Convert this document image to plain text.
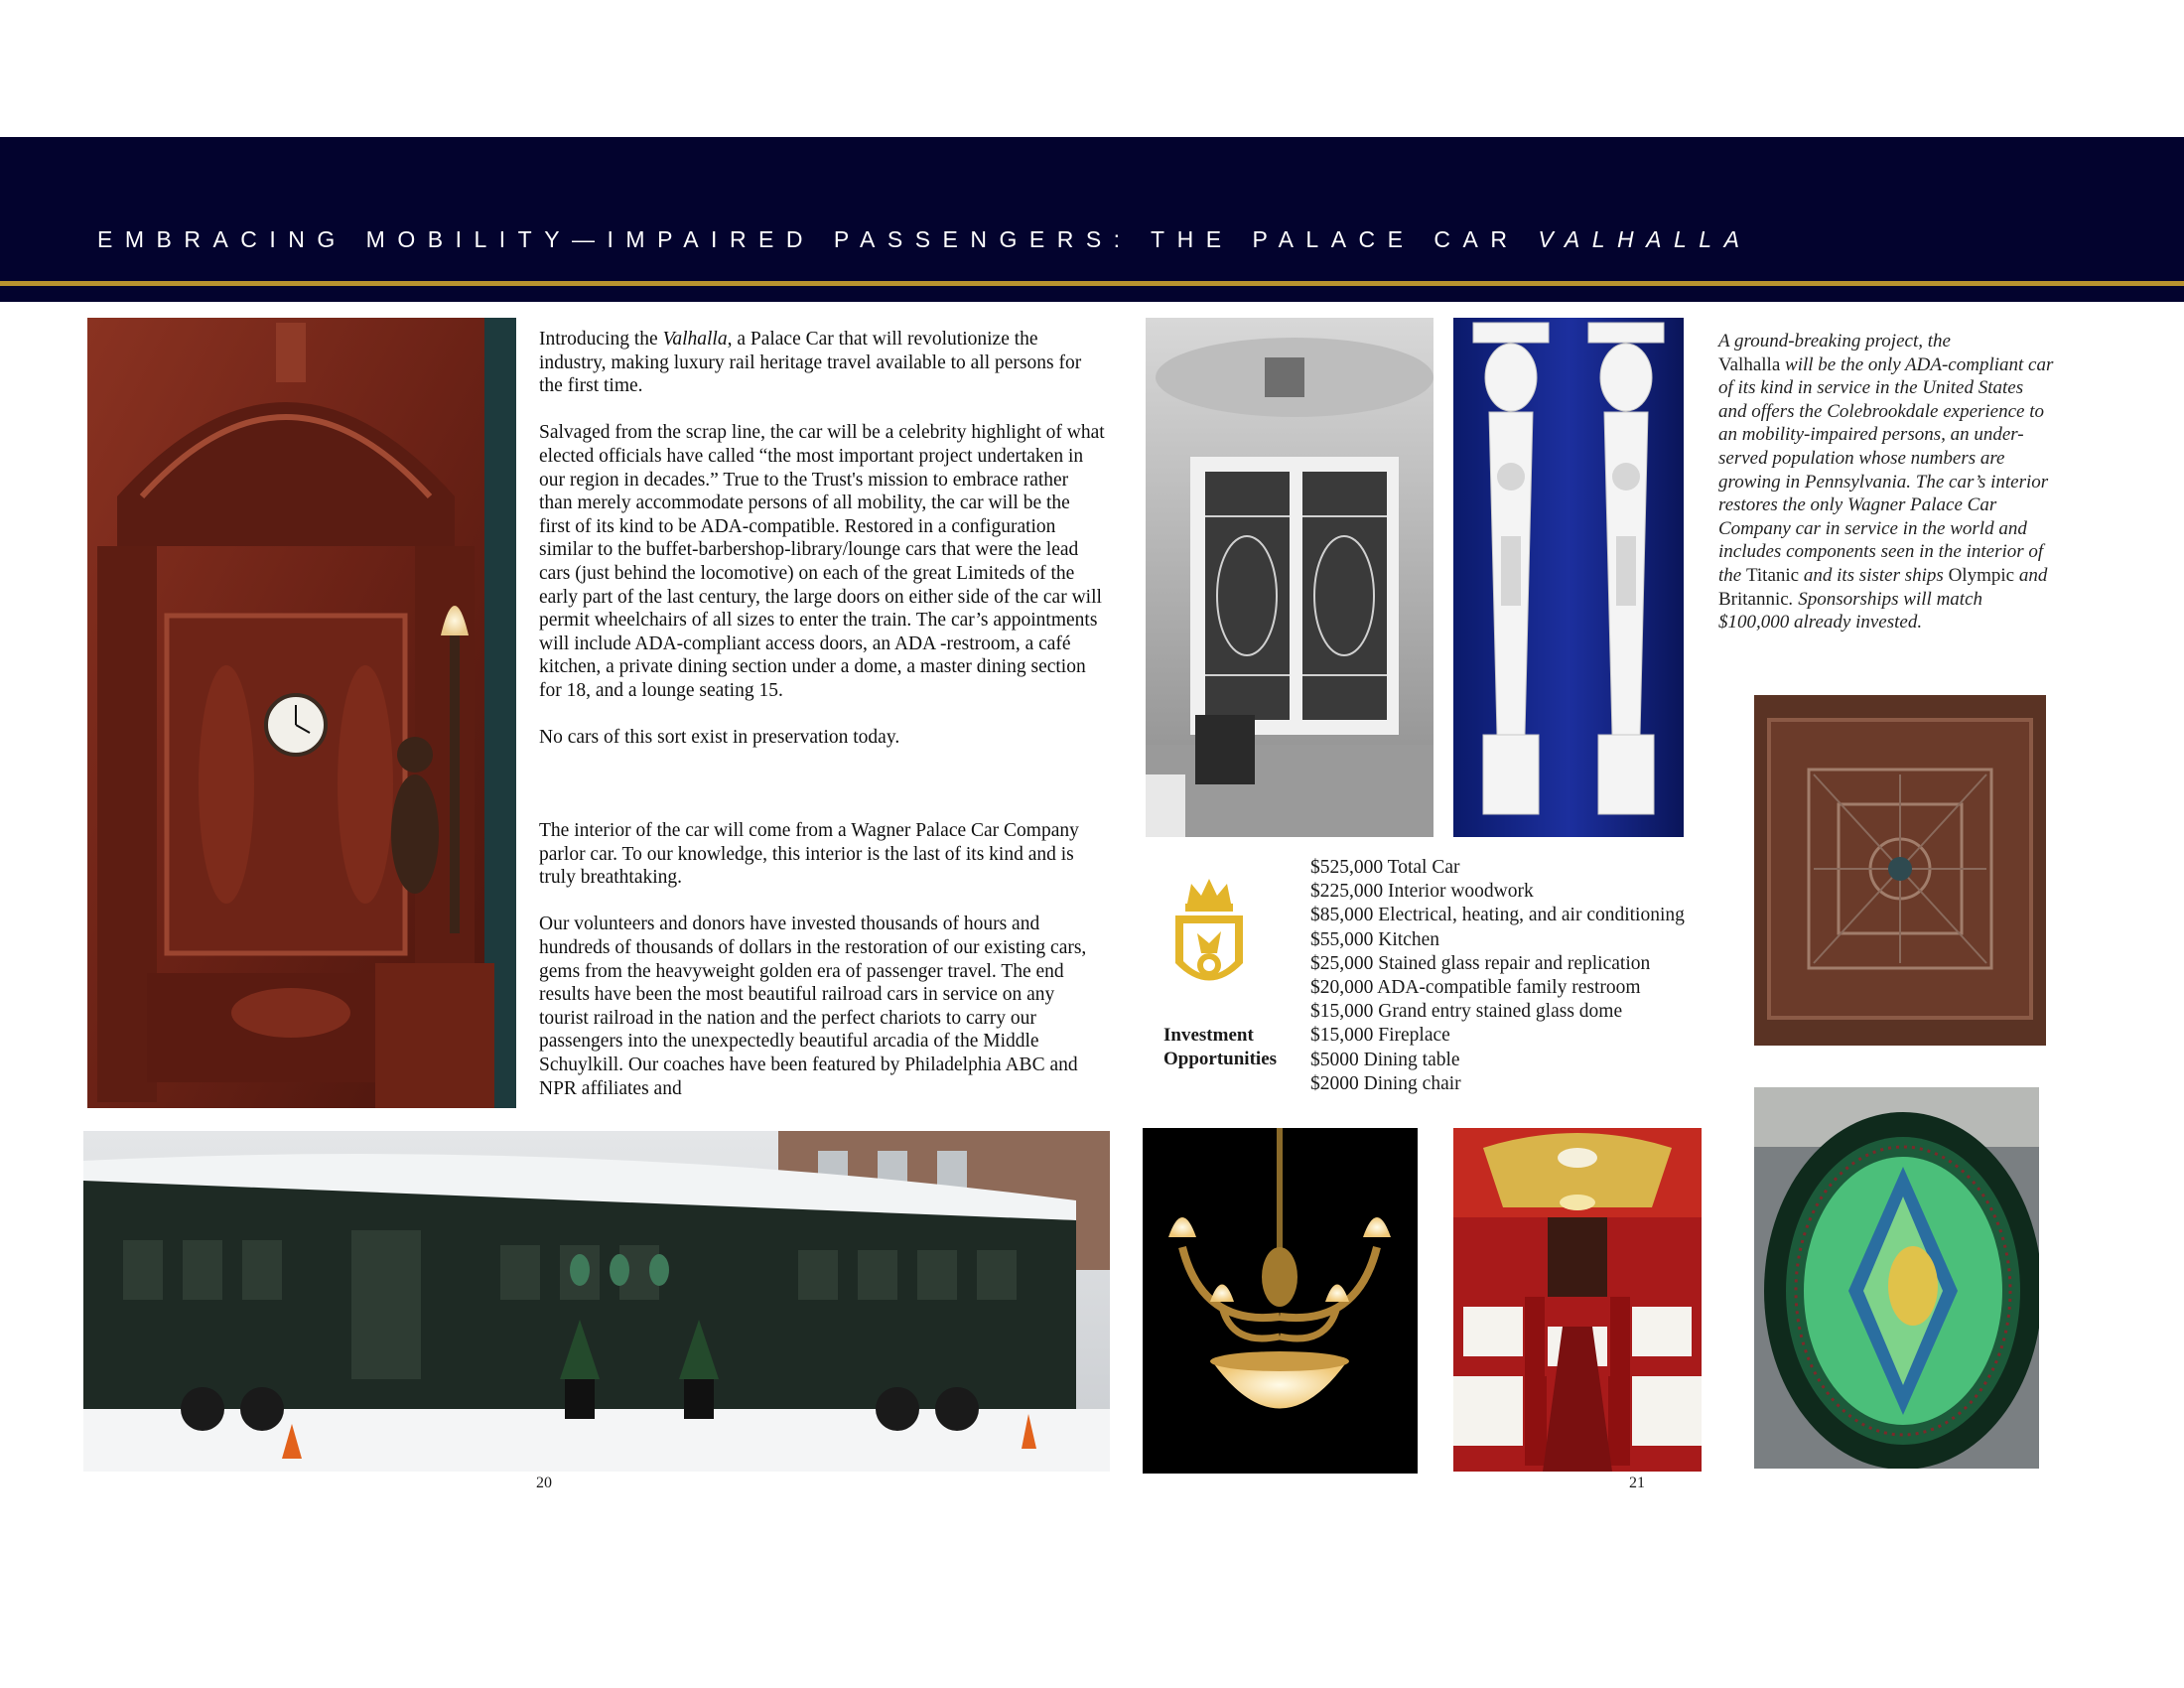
EMBRACING MOBILITY—IMPAIRED PASSENGERS: THE PALACE CAR VALHALLA

Introducing the Valhalla, a Palace Car that will revolutionize the industry, making luxury rail heritage travel available to all persons for the first time.

Salvaged from the scrap line, the car will be a celebrity highlight of what elected officials have called “the most important project undertaken in our region in decades.” True to the Trust's mission to embrace rather than merely accommodate persons of all mobility, the car will be the first of its kind to be ADA-compatible. Restored in a configuration similar to the buffet-barbershop-library/lounge cars that were the lead cars (just behind the locomotive) on each of the great Limiteds of the early part of the last century, the large doors on either side of the car will permit wheelchairs of all sizes to enter the train. The car’s appointments will include ADA-compliant access doors, an ADA -restroom, a café kitchen, a private dining section under a dome, a master dining section for 18, and a lounge seating 15.

No cars of this sort exist in preservation today.

The interior of the car will come from a Wagner Palace Car Company parlor car. To our knowledge, this interior is the last of its kind and is truly breathtaking.

Our volunteers and donors have invested thousands of hours and hundreds of thousands of dollars in the restoration of our existing cars, gems from the heavyweight golden era of passenger travel. The end results have been the most beautiful railroad cars in service on any tourist railroad in the nation and the perfect chariots to carry our passengers into the unexpectedly beautiful arcadia of the Middle Schuylkill. Our coaches have been featured by Philadelphia ABC and NPR affiliates and

A ground-breaking project, the
Valhalla will be the only ADA-compliant car of its kind in service in the United States and offers the Colebrookdale experience to an mobility-impaired persons, an under-served population whose numbers are growing in Pennsylvania. The car’s interior restores the only Wagner Palace Car Company car in service in the world and includes components seen in the interior of the Titanic and its sister ships Olympic and Britannic. Sponsorships will match $100,000 already invested.
Investment
Opportunities
$525,000 Total Car
$225,000 Interior woodwork
$85,000 Electrical, heating, and air conditioning
$55,000 Kitchen
$25,000 Stained glass repair and replication
$20,000 ADA-compatible family restroom
$15,000 Grand entry stained glass dome
$15,000 Fireplace
$5000 Dining table
$2000 Dining chair
20	21
